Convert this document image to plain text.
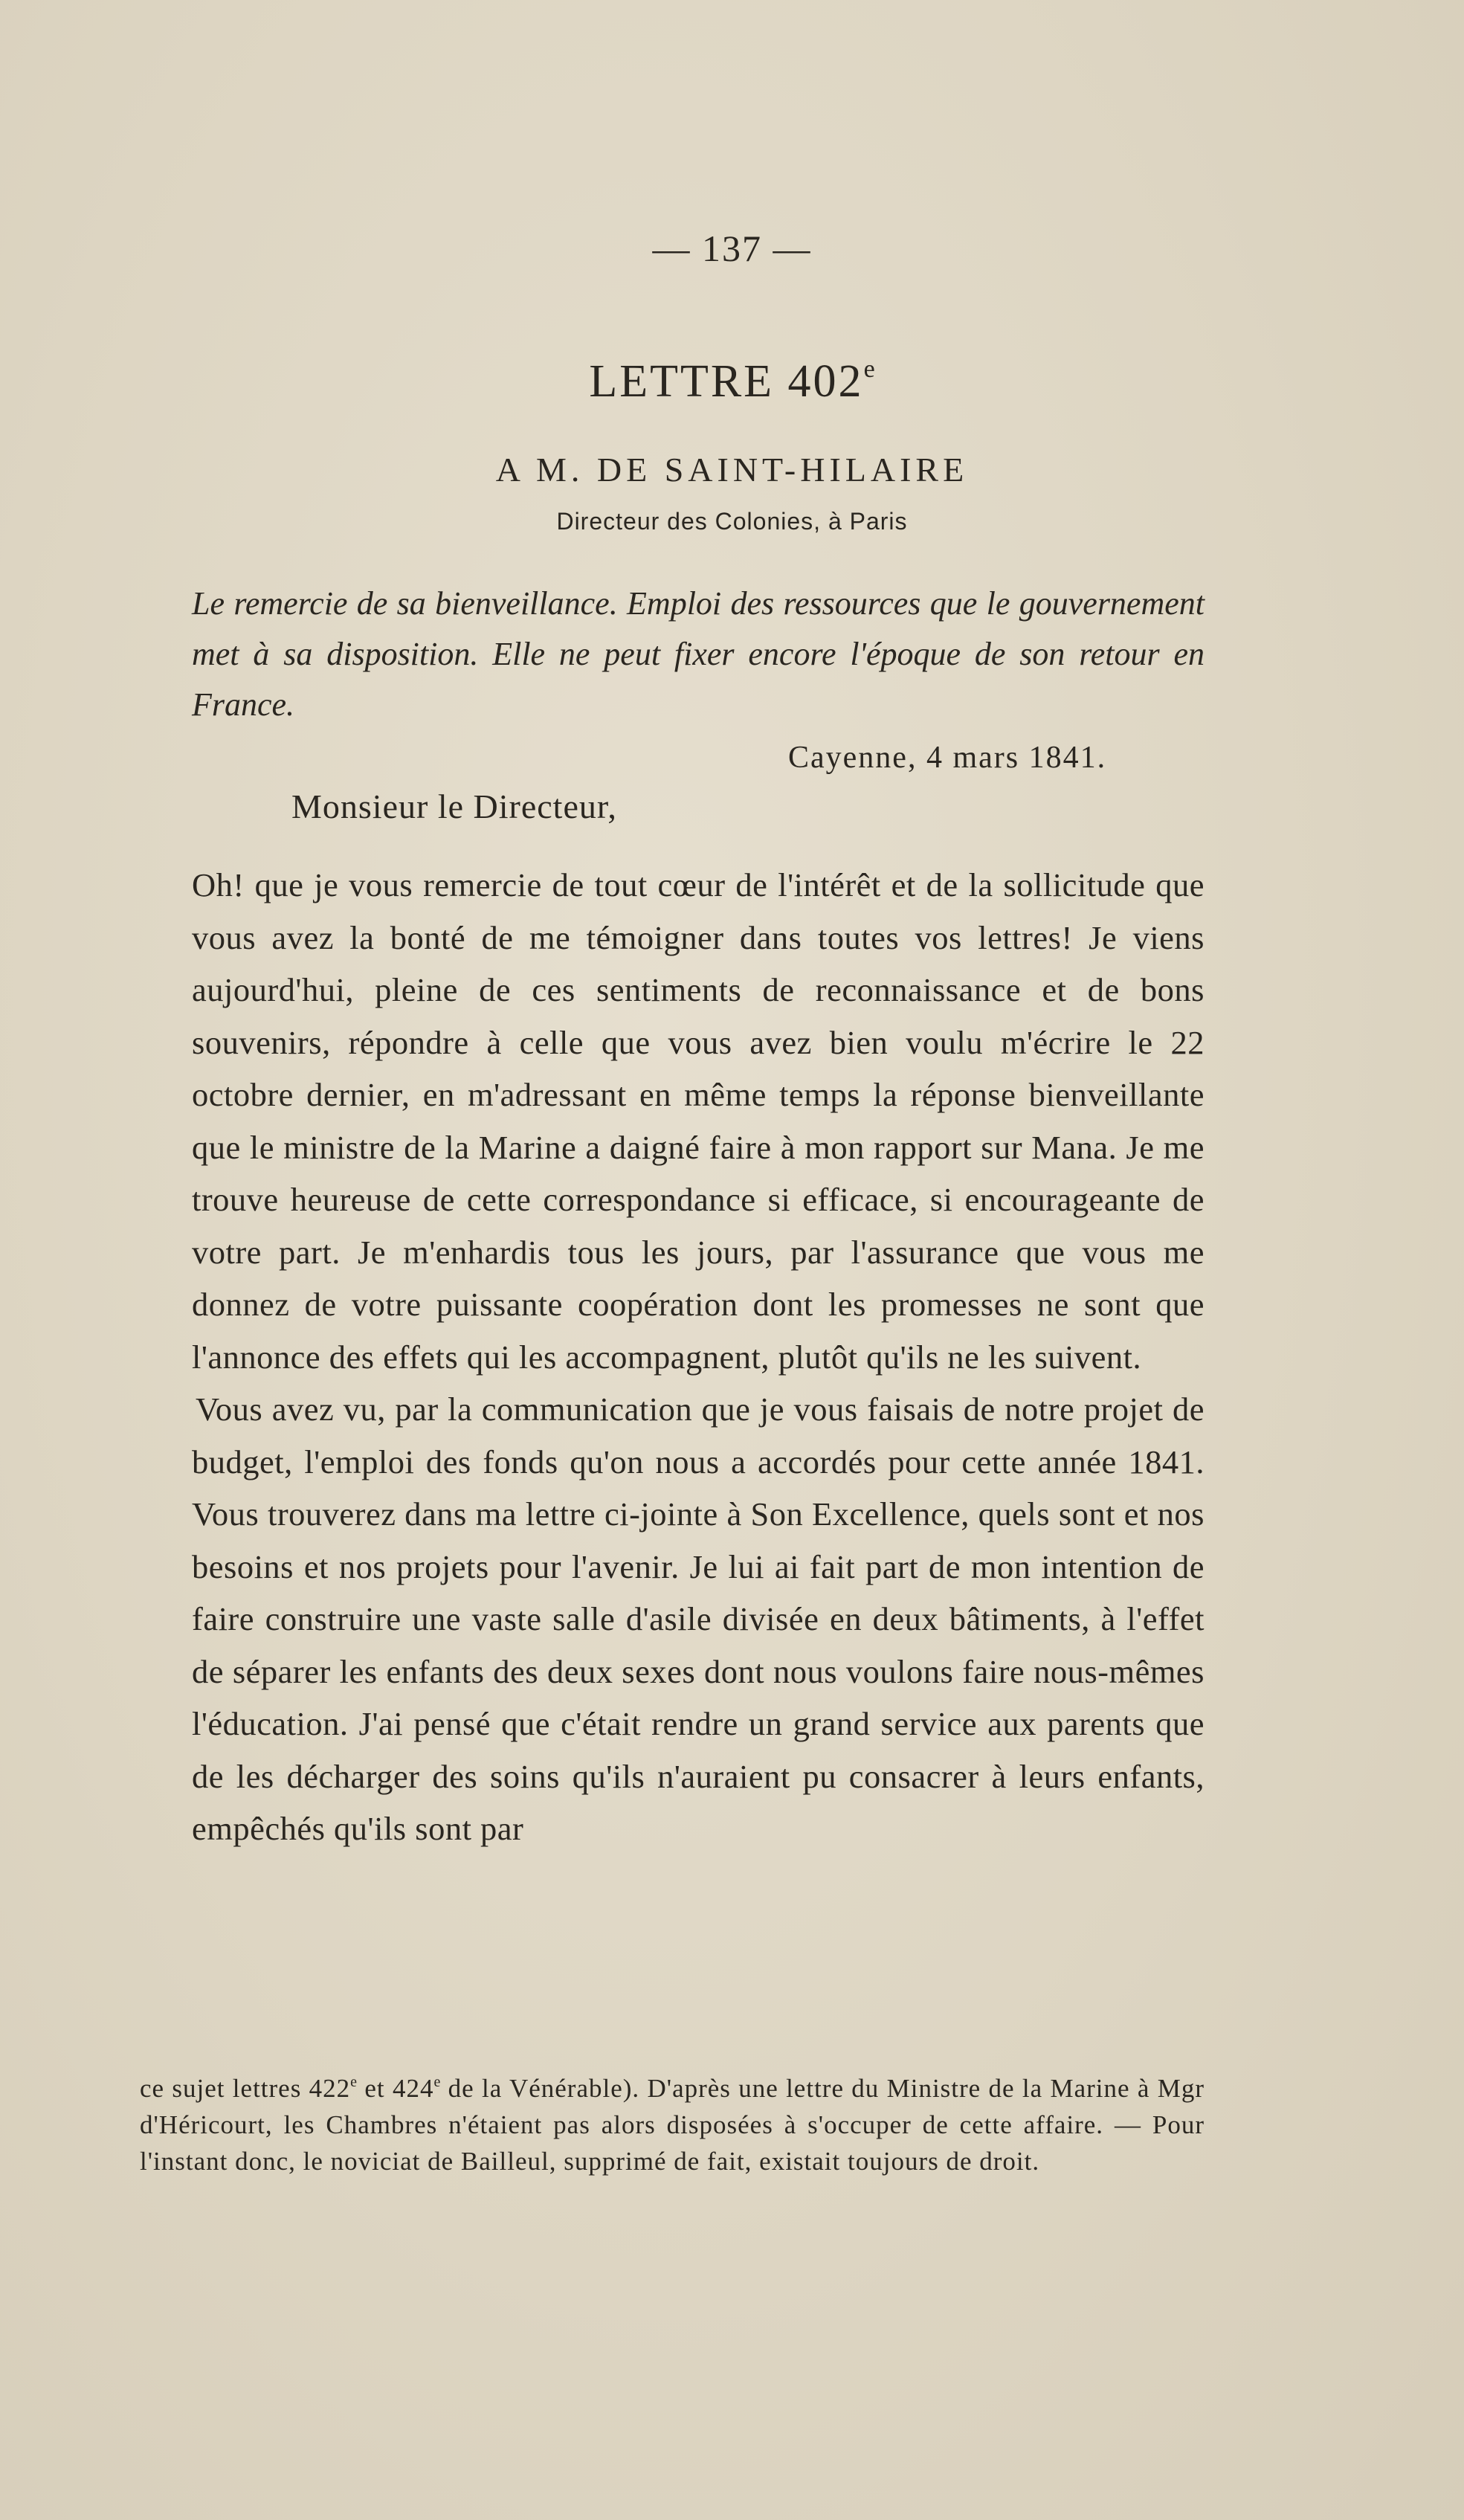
— 137 —
LETTRE 402e
A M. DE SAINT-HILAIRE
Directeur des Colonies, à Paris
Le remercie de sa bienveillance. Emploi des ressources que le gouvernement met à sa disposition. Elle ne peut fixer encore l'époque de son retour en France.
Cayenne, 4 mars 1841.
Monsieur le Directeur,

Oh! que je vous remercie de tout cœur de l'intérêt et de la sollicitude que vous avez la bonté de me témoigner dans toutes vos lettres! Je viens aujourd'hui, pleine de ces sentiments de reconnaissance et de bons souvenirs, répondre à celle que vous avez bien voulu m'écrire le 22 octobre dernier, en m'adressant en même temps la réponse bienveillante que le ministre de la Marine a daigné faire à mon rapport sur Mana. Je me trouve heureuse de cette correspondance si efficace, si encourageante de votre part. Je m'enhardis tous les jours, par l'assurance que vous me donnez de votre puissante coopération dont les promesses ne sont que l'annonce des effets qui les accompagnent, plutôt qu'ils ne les suivent.

Vous avez vu, par la communication que je vous faisais de notre projet de budget, l'emploi des fonds qu'on nous a accordés pour cette année 1841. Vous trouverez dans ma lettre ci-jointe à Son Excellence, quels sont et nos besoins et nos projets pour l'avenir. Je lui ai fait part de mon intention de faire construire une vaste salle d'asile divisée en deux bâtiments, à l'effet de séparer les enfants des deux sexes dont nous voulons faire nous-mêmes l'éducation. J'ai pensé que c'était rendre un grand service aux parents que de les décharger des soins qu'ils n'auraient pu consacrer à leurs enfants, empêchés qu'ils sont par

ce sujet lettres 422e et 424e de la Vénérable). D'après une lettre du Ministre de la Marine à Mgr d'Héricourt, les Chambres n'étaient pas alors disposées à s'occuper de cette affaire. — Pour l'instant donc, le noviciat de Bailleul, supprimé de fait, existait toujours de droit.
